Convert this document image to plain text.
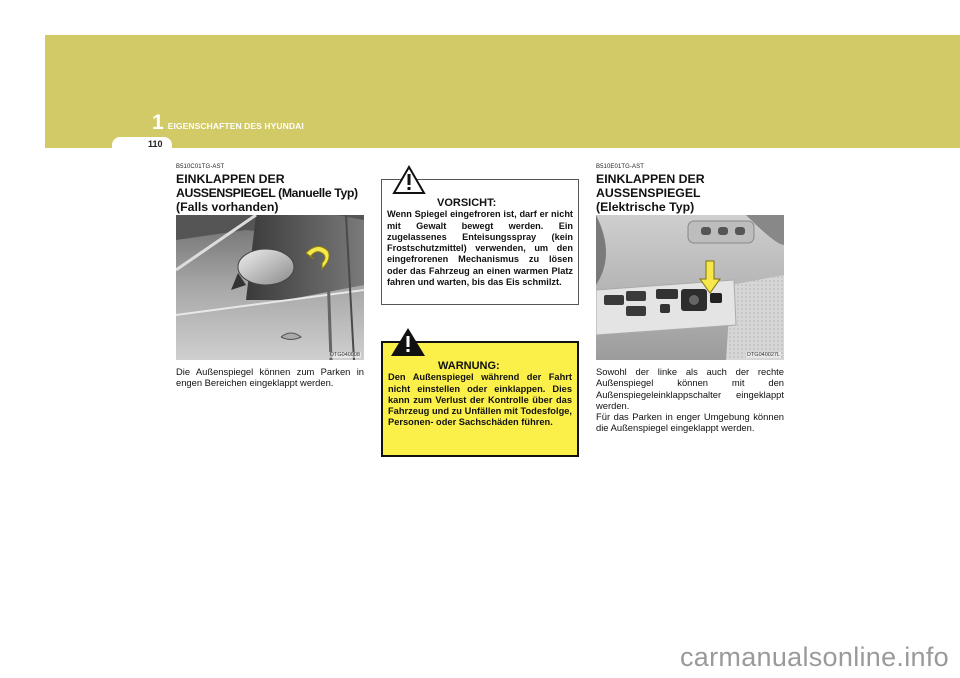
1 EIGENSCHAFTEN DES HYUNDAI
110
B510C01TG-AST
EINKLAPPEN DER
AUSSENSPIEGEL (Manuelle Typ)
(Falls vorhanden)
OTG040008
Die Außenspiegel können zum Parken in engen Bereichen eingeklappt werden.
VORSICHT:
Wenn Spiegel eingefroren ist, darf er nicht mit Gewalt bewegt werden. Ein zugelassenes Enteisungsspray (kein Frostschutzmittel) verwenden, um den eingefrorenen Mechanismus zu lösen oder das Fahrzeug an einen warmen Platz fahren und warten, bis das Eis schmilzt.
WARNUNG:
Den Außenspiegel während der Fahrt nicht einstellen oder einklappen. Dies kann zum Verlust der Kontrolle über das Fahrzeug und zu Unfällen mit Todesfolge, Personen- oder Sachschäden führen.
B510E01TG-AST
EINKLAPPEN DER
AUSSENSPIEGEL
(Elektrische Typ)
OTG040027L
Sowohl der linke als auch der rechte Außenspiegel können mit den Außenspiegeleinklappschalter eingeklappt werden.
Für das Parken in enger Umgebung können die Außenspiegel eingeklappt werden.
carmanualsonline.info
